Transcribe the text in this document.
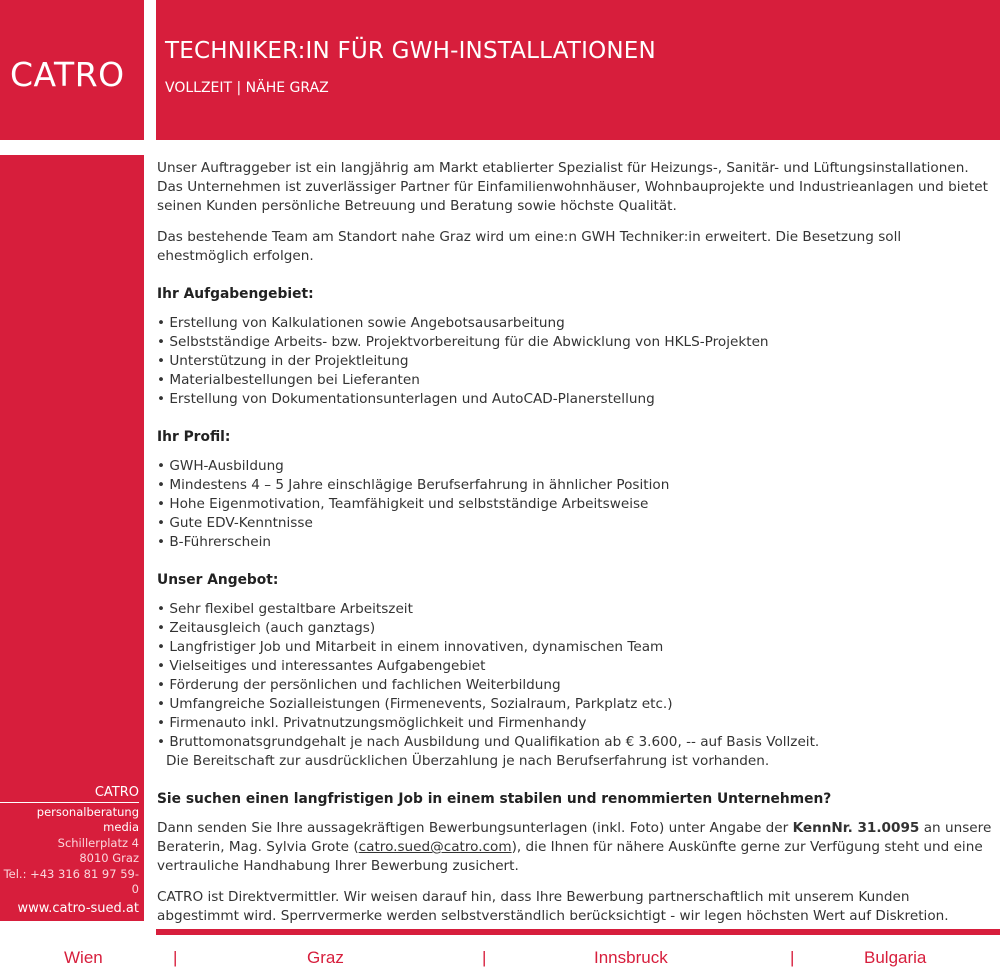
CATRO
TECHNIKER:IN FÜR GWH-INSTALLATIONEN
VOLLZEIT | NÄHE GRAZ
CATRO
personalberatung
media
Schillerplatz 4
8010 Graz
Tel.: +43 316 81 97 59-0
www.catro-sued.at

Unser Auftraggeber ist ein langjährig am Markt etablierter Spezialist für Heizungs-, Sanitär- und Lüftungsinstallationen. Das Unternehmen ist zuverlässiger Partner für Einfamilienwohnhäuser, Wohnbauprojekte und Industrieanlagen und bietet seinen Kunden persönliche Betreuung und Beratung sowie höchste Qualität.

Das bestehende Team am Standort nahe Graz wird um eine:n GWH Techniker:in erweitert. Die Besetzung soll ehestmöglich erfolgen.

Ihr Aufgabengebiet:
• Erstellung von Kalkulationen sowie Angebotsausarbeitung
• Selbstständige Arbeits- bzw. Projektvorbereitung für die Abwicklung von HKLS-Projekten
• Unterstützung in der Projektleitung
• Materialbestellungen bei Lieferanten
• Erstellung von Dokumentationsunterlagen und AutoCAD-Planerstellung
Ihr Profil:
• GWH-Ausbildung
• Mindestens 4 – 5 Jahre einschlägige Berufserfahrung in ähnlicher Position
• Hohe Eigenmotivation, Teamfähigkeit und selbstständige Arbeitsweise
• Gute EDV-Kenntnisse
• B-Führerschein
Unser Angebot:
• Sehr flexibel gestaltbare Arbeitszeit
• Zeitausgleich (auch ganztags)
• Langfristiger Job und Mitarbeit in einem innovativen, dynamischen Team
• Vielseitiges und interessantes Aufgabengebiet
• Förderung der persönlichen und fachlichen Weiterbildung
• Umfangreiche Sozialleistungen (Firmenevents, Sozialraum, Parkplatz etc.)
• Firmenauto inkl. Privatnutzungsmöglichkeit und Firmenhandy
• Bruttomonatsgrundgehalt je nach Ausbildung und Qualifikation ab € 3.600, -- auf Basis Vollzeit.
Die Bereitschaft zur ausdrücklichen Überzahlung je nach Berufserfahrung ist vorhanden.
Sie suchen einen langfristigen Job in einem stabilen und renommierten Unternehmen?

Dann senden Sie Ihre aussagekräftigen Bewerbungsunterlagen (inkl. Foto) unter Angabe der KennNr. 31.0095 an unsere Beraterin, Mag. Sylvia Grote (catro.sued@catro.com), die Ihnen für nähere Auskünfte gerne zur Verfügung steht und eine vertrauliche Handhabung Ihrer Bewerbung zusichert.

CATRO ist Direktvermittler. Wir weisen darauf hin, dass Ihre Bewerbung partnerschaftlich mit unserem Kunden abgestimmt wird. Sperrvermerke werden selbstverständlich berücksichtigt - wir legen höchsten Wert auf Diskretion.

Wien	|	Graz	|	Innsbruck	|	Bulgaria
